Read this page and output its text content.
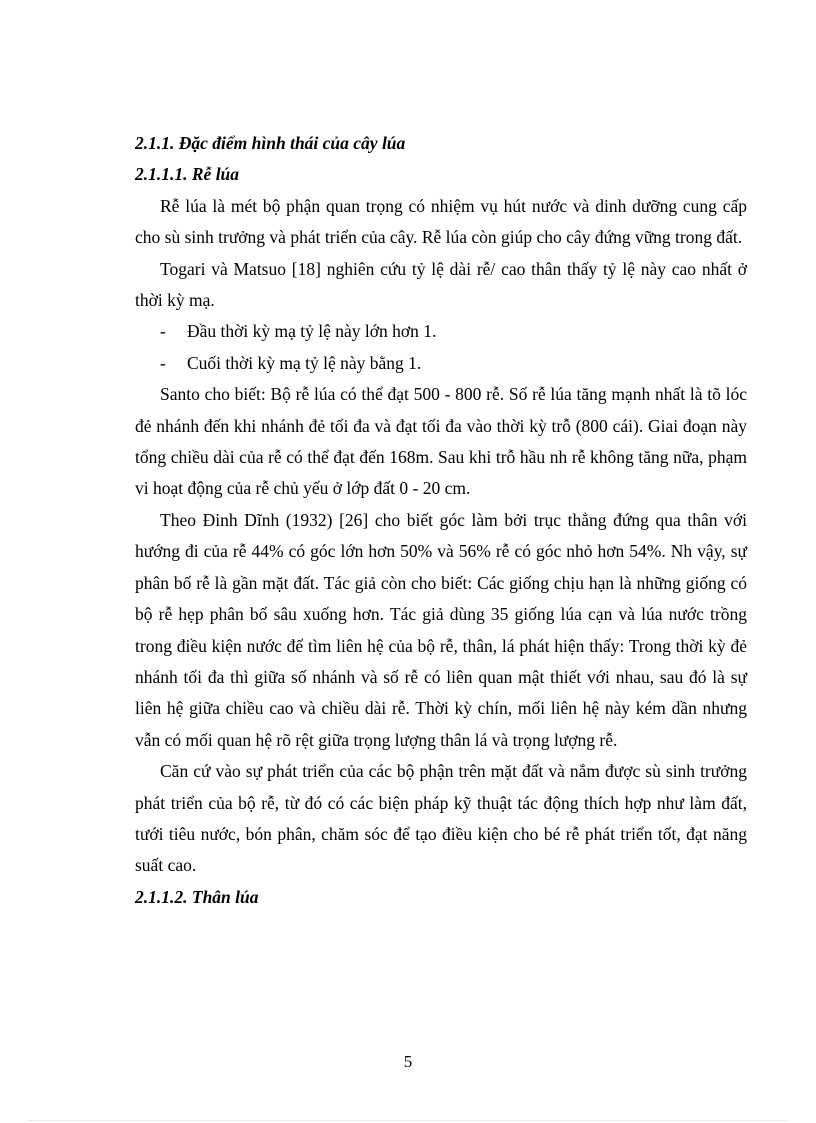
2.1.1. Đặc điểm hình thái của cây lúa

2.1.1.1. Rễ lúa

Rễ lúa là mét bộ phận quan trọng có nhiệm vụ hút nước và dinh dưỡng cung cấp cho sù sinh trưởng và phát triển của cây. Rễ lúa còn giúp cho cây đứng vững trong đất.

Togari và Matsuo [18] nghiên cứu tỷ lệ dài rễ/ cao thân thấy tỷ lệ này cao nhất ở thời kỳ mạ.

-	Đầu thời kỳ mạ tỷ lệ này lớn hơn 1.
-	Cuối thời kỳ mạ tỷ lệ này bằng 1.

Santo cho biết: Bộ rễ lúa có thể đạt 500 - 800 rễ. Số rễ lúa tăng mạnh nhất là tõ lóc đẻ nhánh đến khi nhánh đẻ tối đa và đạt tối đa vào thời kỳ trỗ (800 cái). Giai đoạn này tổng chiều dài của rễ có thể đạt đến 168m. Sau khi trỗ hầu nh rễ không tăng nữa, phạm vi hoạt động của rễ chủ yếu ở lớp đất 0 - 20 cm.

Theo Đinh Dĩnh (1932) [26] cho biết góc làm bởi trục thẳng đứng qua thân với hướng đi của rễ 44% có góc lớn hơn 50% và 56% rễ có góc nhỏ hơn 54%. Nh vậy, sự phân bố rễ là gần mặt đất. Tác giả còn cho biết: Các giống chịu hạn là những giống có bộ rễ hẹp phân bố sâu xuống hơn. Tác giả dùng 35 giống lúa cạn và lúa nước trồng trong điều kiện nước để tìm liên hệ của bộ rễ, thân, lá phát hiện thấy: Trong thời kỳ đẻ nhánh tối đa thì giữa số nhánh và số rễ có liên quan mật thiết với nhau, sau đó là sự liên hệ giữa chiều cao và chiều dài rễ. Thời kỳ chín, mối liên hệ này kém dần nhưng vẫn có mối quan hệ rõ rệt giữa trọng lượng thân lá và trọng lượng rễ.

Căn cứ vào sự phát triển của các bộ phận trên mặt đất và nắm được sù sinh trưởng phát triển của bộ rễ, từ đó có các biện pháp kỹ thuật tác động thích hợp như làm đất, tưới tiêu nước, bón phân, chăm sóc để tạo điều kiện cho bé rễ phát triển tốt, đạt năng suất cao.

2.1.1.2. Thân lúa

5
